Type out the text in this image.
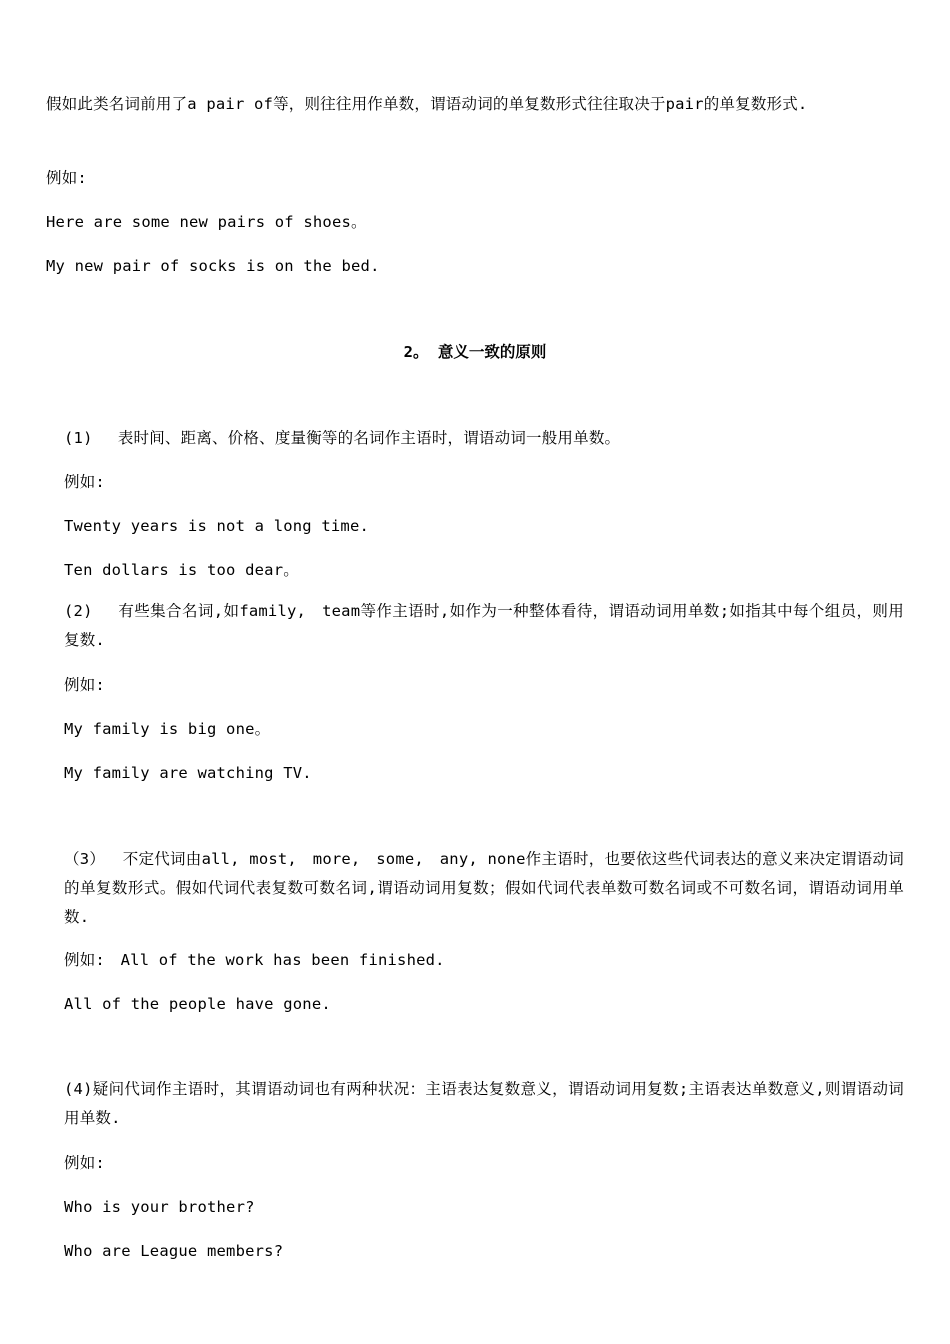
假如此类名词前用了a pair of等，则往往用作单数，谓语动词的单复数形式往往取决于pair的单复数形式.
例如:
Here are some new pairs of shoes。
My new pair of socks is on the bed.
2。 意义一致的原则
(1)　 表时间、距离、价格、度量衡等的名词作主语时，谓语动词一般用单数。
例如:
Twenty years is not a long time.
Ten dollars is too dear。
(2)　 有些集合名词,如family,　team等作主语时,如作为一种整体看待，谓语动词用单数;如指其中每个组员，则用复数.
例如:
My family is big one。
My family are watching TV.
（3）　 不定代词由all, most,　more,　some,　any, none作主语时，也要依这些代词表达的意义来决定谓语动词的单复数形式。假如代词代表复数可数名词,谓语动词用复数；假如代词代表单数可数名词或不可数名词，谓语动词用单数.
例如:　All of the work has been finished.
All of the people have gone.
(4)疑问代词作主语时，其谓语动词也有两种状况：主语表达复数意义，谓语动词用复数;主语表达单数意义,则谓语动词用单数.
例如:
Who is your brother?
Who are League members?
